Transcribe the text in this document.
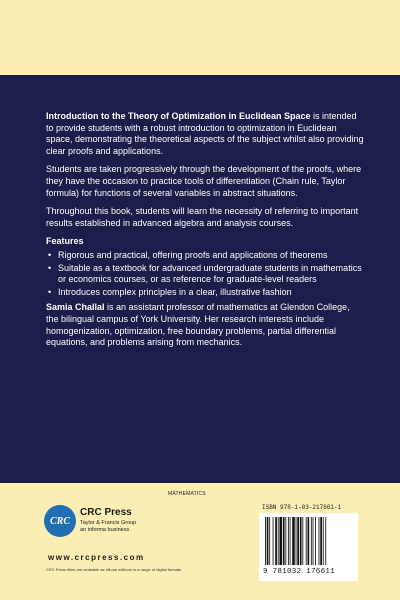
Introduction to the Theory of Optimization in Euclidean Space is intended to provide students with a robust introduction to optimization in Euclidean space, demonstrating the theoretical aspects of the subject whilst also providing clear proofs and applications.

Students are taken progressively through the development of the proofs, where they have the occasion to practice tools of differentiation (Chain rule, Taylor formula) for functions of several variables in abstract situations.

Throughout this book, students will learn the necessity of referring to important results established in advanced algebra and analysis courses.

Features
• Rigorous and practical, offering proofs and applications of theorems
• Suitable as a textbook for advanced undergraduate students in mathematics or economics courses, or as reference for graduate-level readers
• Introduces complex principles in a clear, illustrative fashion

Samia Challal is an assistant professor of mathematics at Glendon College, the bilingual campus of York University. Her research interests include homogenization, optimization, free boundary problems, partial differential equations, and problems arising from mechanics.

MATHEMATICS
CRC
CRC Press
Taylor & Francis Group
an informa business
www.crcpress.com
CRC Press titles are available as eBook editions in a range of digital formats
ISBN 978-1-03-217661-1
9 781032 176611
